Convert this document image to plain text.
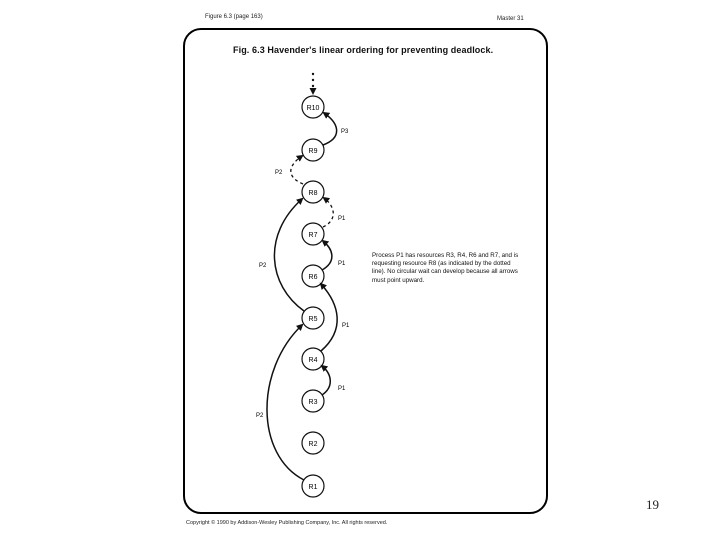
Figure 6.3 (page 163)	Master 31
Fig. 6.3 Havender's linear ordering for preventing deadlock.
R10
R9
R8
R7
R6
R5
R4
R3
R2
R1
P3
P2
P1
P1
P2
P1
P1
P2
Process P1 has resources R3, R4, R6 and R7, and is requesting resource R8 (as indicated by the dotted line). No circular wait can develop because all arrows must point upward.
Copyright © 1990 by Addison-Wesley Publishing Company, Inc. All rights reserved.
19
